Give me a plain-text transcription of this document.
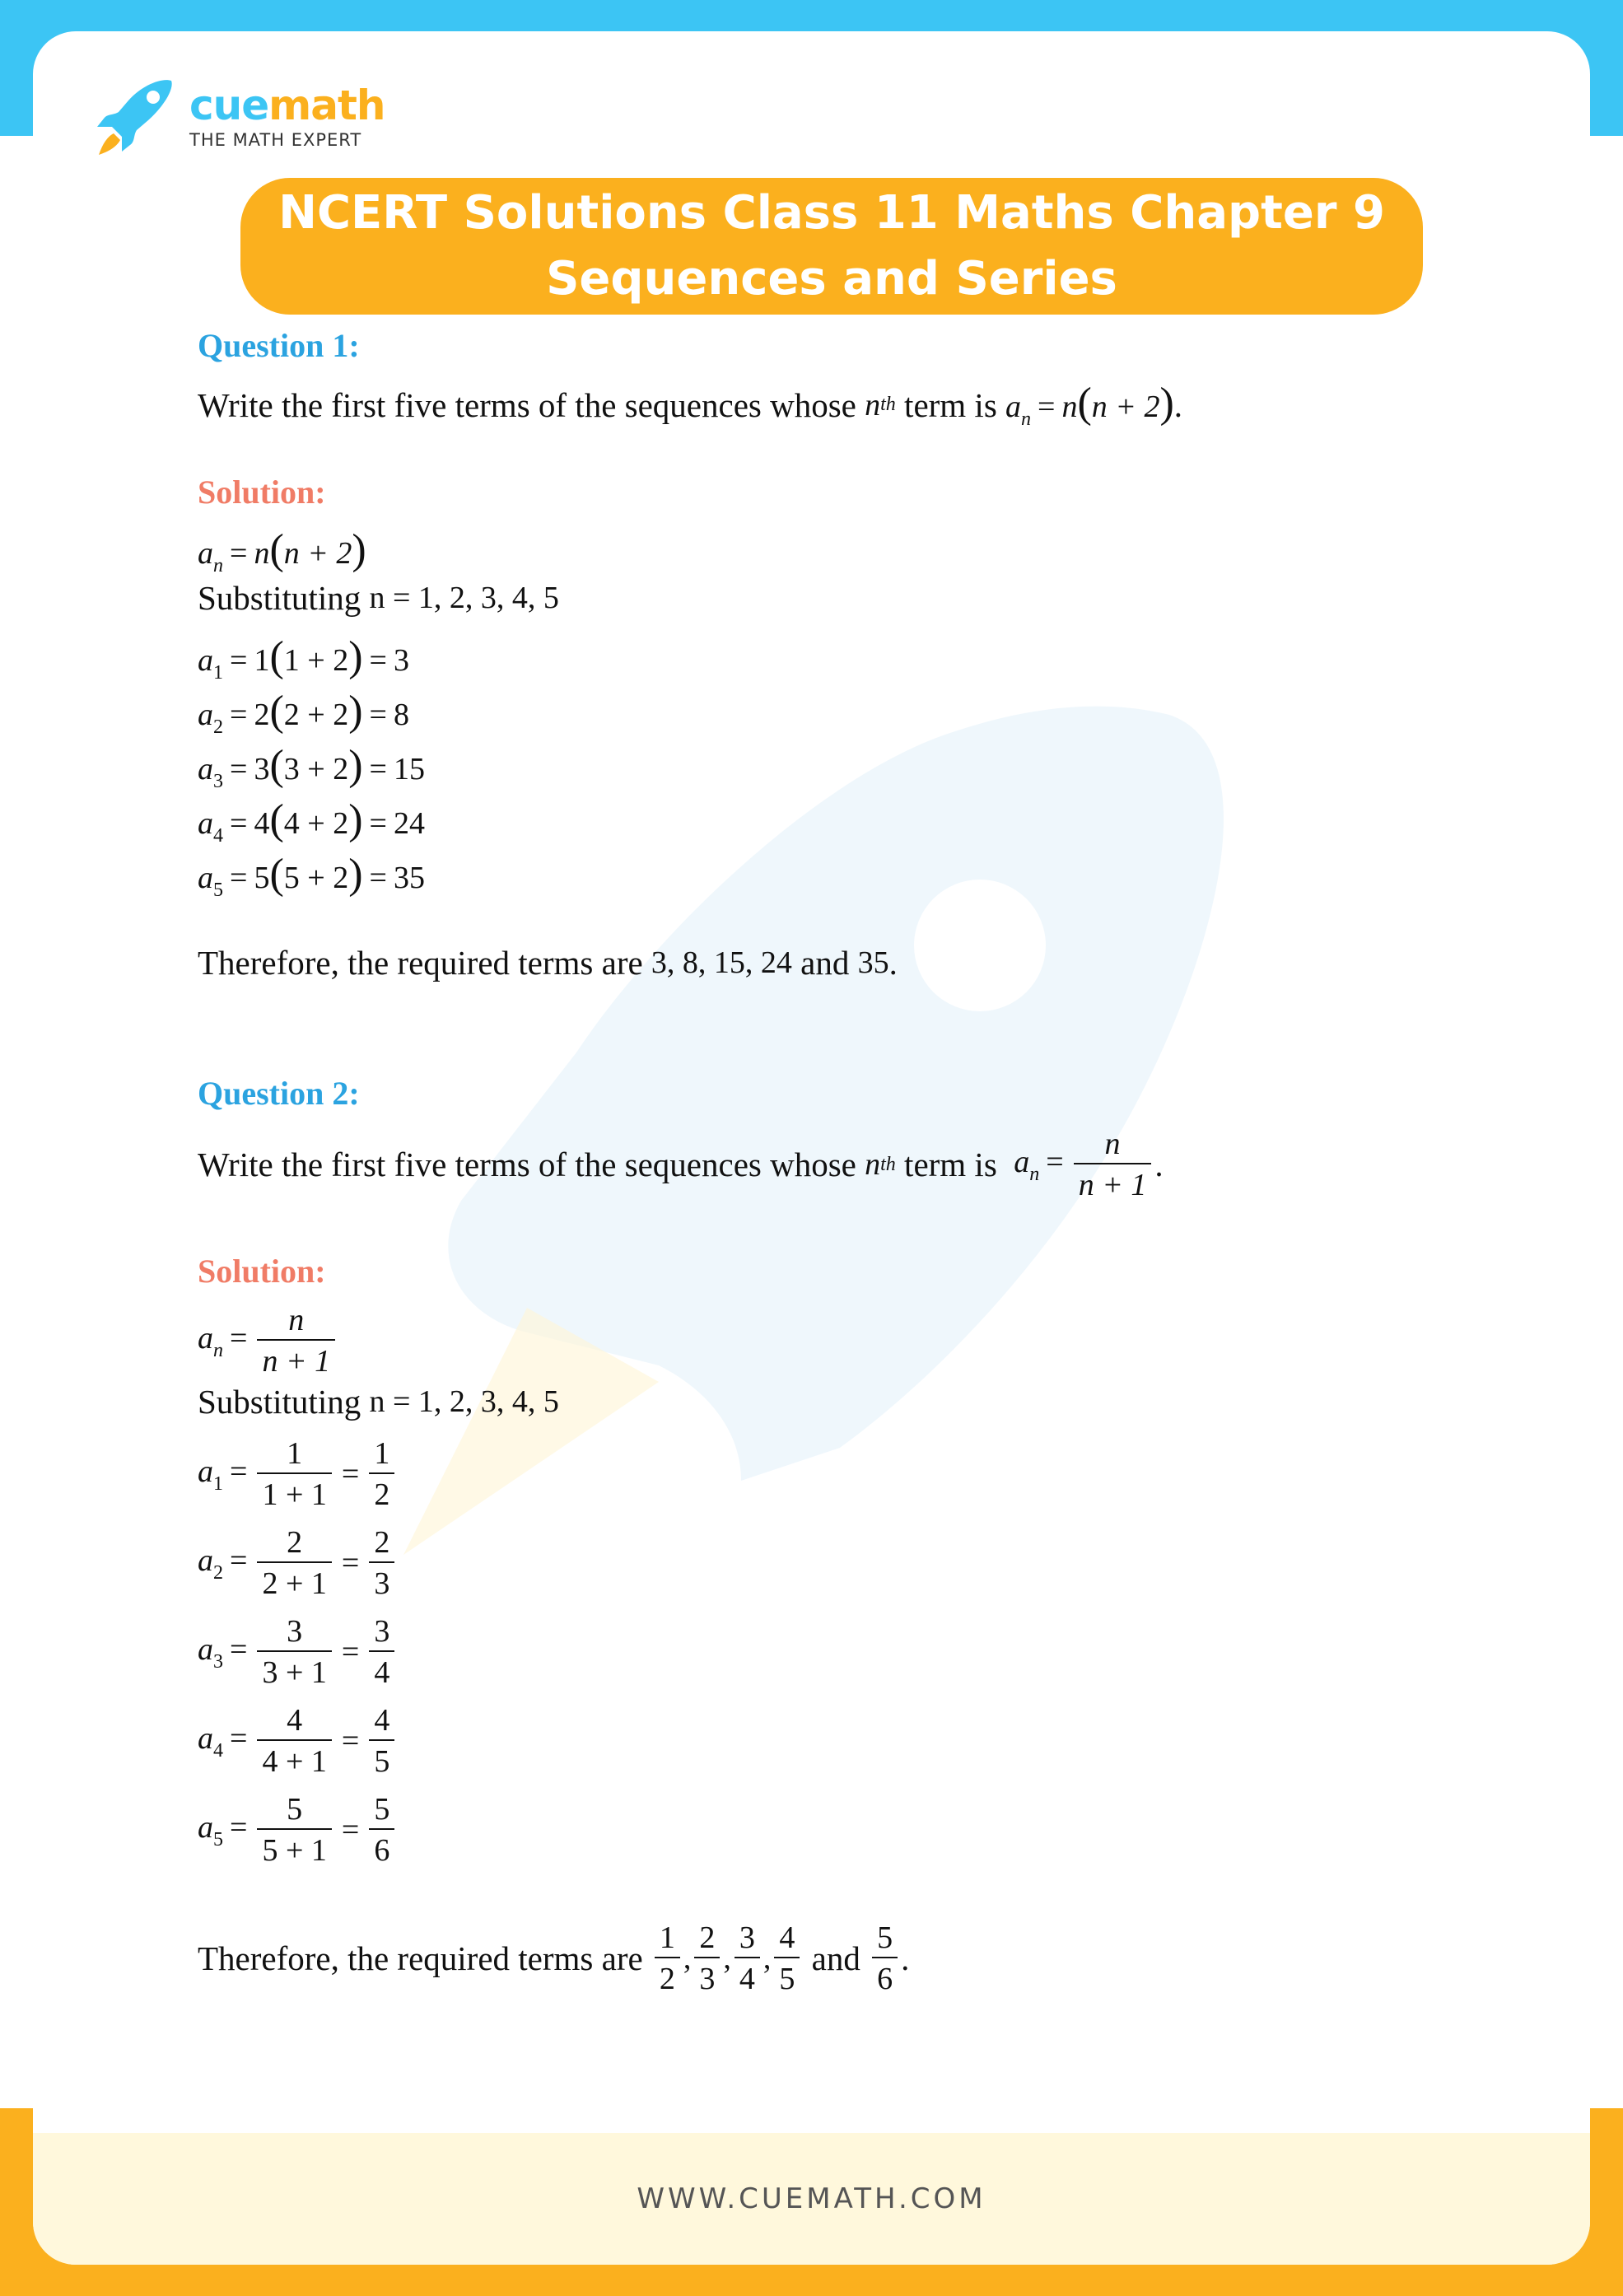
WWW.CUEMATH.COM
cuemath
THE MATH EXPERT
NCERT Solutions Class 11 Maths Chapter 9
Sequences and Series
Question 1:
Write the first five terms of the sequences whose
n th
term is
$a_n = n(n + 2)$ .
Solution:
$a_n = n(n + 2)$
Substituting
n = 1, 2, 3, 4, 5
$a_1 = 1(1 + 2) = 3$
$a_2 = 2(2 + 2) = 8$
$a_3 = 3(3 + 2) = 15$
$a_4 = 4(4 + 2) = 24$
$a_5 = 5(5 + 2) = 35$
Therefore, the required terms are
3, 8, 15, 24
and
35 .
Question 2:
Write the first five terms of the sequences whose
n th
term is
$a_n = \frac{n}{n + 1}$ .
Solution:
$a_n = \frac{n}{n + 1}$
Substituting
n = 1, 2, 3, 4, 5
$a_1 = \frac{1}{1 + 1} = \frac{1}{2}$
$a_2 = \frac{2}{2 + 1} = \frac{2}{3}$
$a_3 = \frac{3}{3 + 1} = \frac{3}{4}$
$a_4 = \frac{4}{4 + 1} = \frac{4}{5}$
$a_5 = \frac{5}{5 + 1} = \frac{5}{6}$
Therefore, the required terms are
$\frac{1}{2}$ , $\frac{2}{3}$ , $\frac{3}{4}$ , $\frac{4}{5}$
and
$\frac{5}{6}$ .
